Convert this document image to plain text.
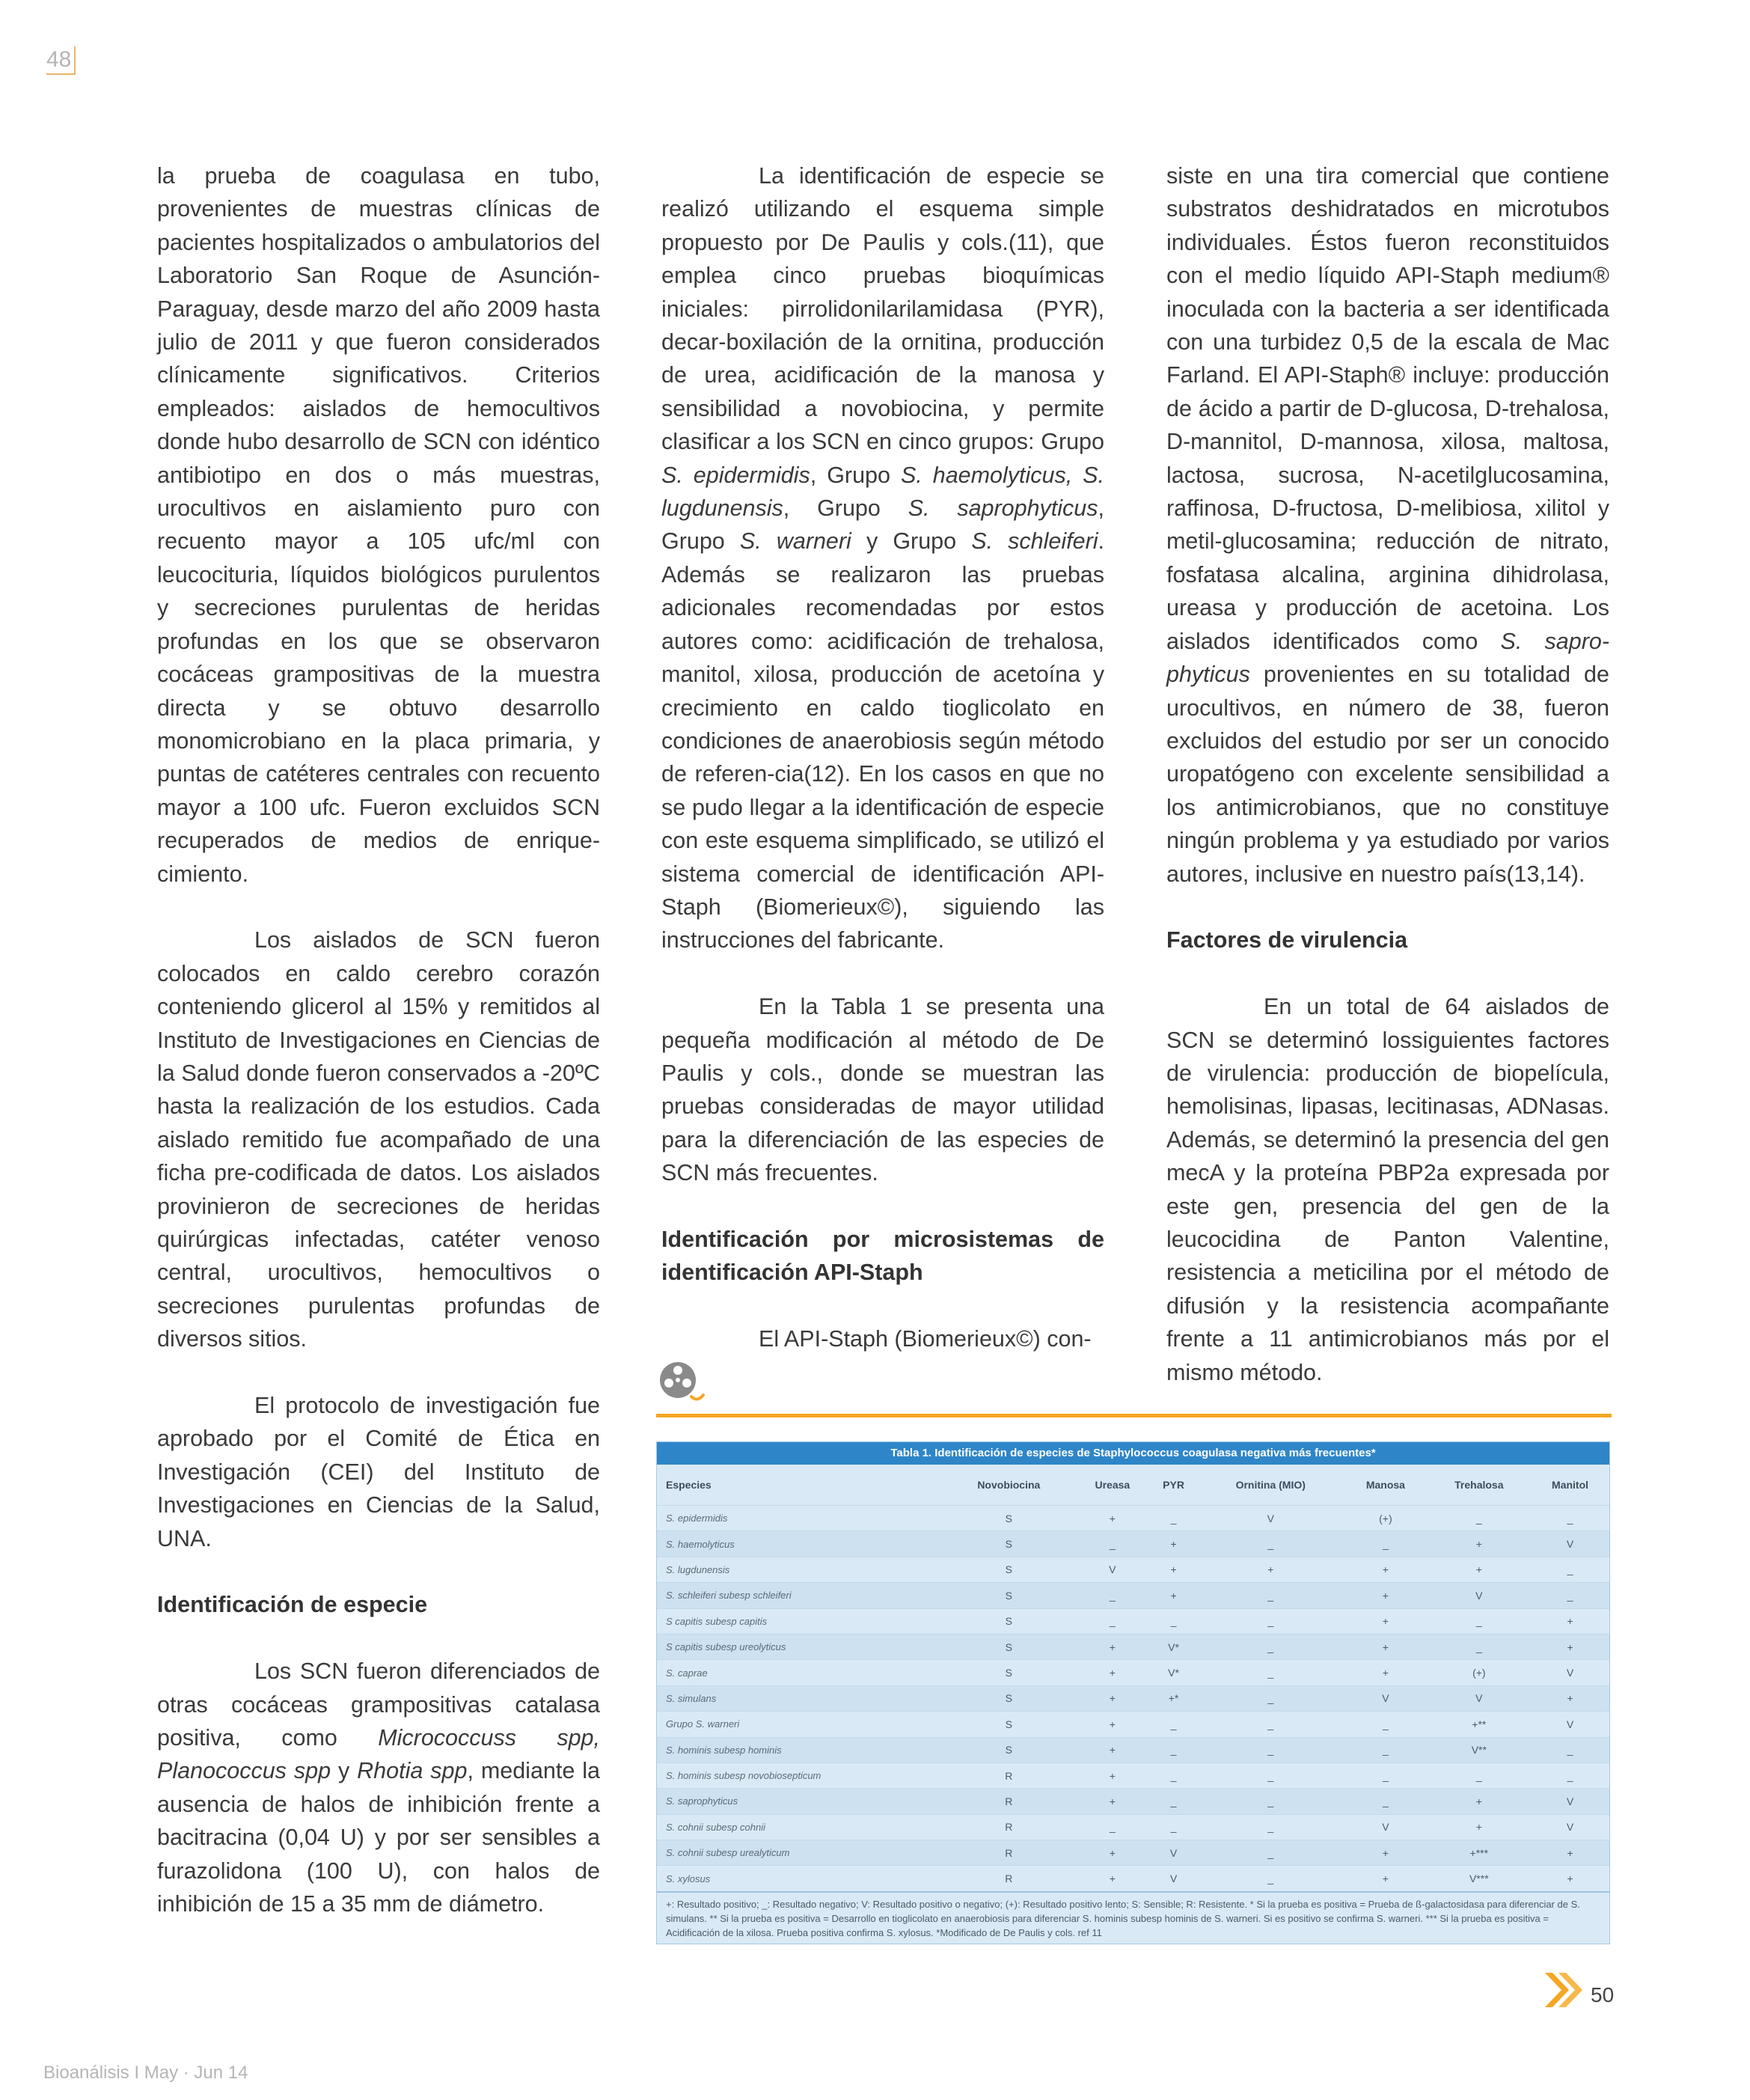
48

la prueba de coagulasa en tubo, provenientes de muestras clínicas de pacientes hospitalizados o ambulatorios del Laboratorio San Roque de Asunción-Paraguay, desde marzo del año 2009 hasta julio de 2011 y que fueron considerados clínicamente significativos. Criterios empleados: aislados de hemocultivos donde hubo desarrollo de SCN con idéntico antibiotipo en dos o más muestras, urocultivos en aislamiento puro con recuento mayor a 105 ufc/ml con leucocituria, líquidos biológicos purulentos y secreciones purulentas de heridas profundas en los que se observaron cocáceas grampositivas de la muestra directa y se obtuvo desarrollo monomicrobiano en la placa primaria, y puntas de catéteres centrales con recuento mayor a 100 ufc. Fueron excluidos SCN recuperados de medios de enrique-cimiento.

Los aislados de SCN fueron colocados en caldo cerebro corazón conteniendo glicerol al 15% y remitidos al Instituto de Investigaciones en Ciencias de la Salud donde fueron conservados a -20ºC hasta la realización de los estudios. Cada aislado remitido fue acompañado de una ficha pre-codificada de datos. Los aislados provinieron de secreciones de heridas quirúrgicas infectadas, catéter venoso central, urocultivos, hemocultivos o secreciones purulentas profundas de diversos sitios.

El protocolo de investigación fue aprobado por el Comité de Ética en Investigación (CEI) del Instituto de Investigaciones en Ciencias de la Salud, UNA.

Identificación de especie

Los SCN fueron diferenciados de otras cocáceas grampositivas catalasa positiva, como Micrococcuss spp, Planococcus spp y Rhotia spp, mediante la ausencia de halos de inhibición frente a bacitracina (0,04 U) y por ser sensibles a furazolidona (100 U), con halos de inhibición de 15 a 35 mm de diámetro.

La identificación de especie se realizó utilizando el esquema simple propuesto por De Paulis y cols.(11), que emplea cinco pruebas bioquímicas iniciales: pirrolidonilarilamidasa (PYR), decar-boxilación de la ornitina, producción de urea, acidificación de la manosa y sensibilidad a novobiocina, y permite clasificar a los SCN en cinco grupos: Grupo S. epidermidis, Grupo S. haemolyticus, S. lugdunensis, Grupo S. saprophyticus, Grupo S. warneri y Grupo S. schleiferi. Además se realizaron las pruebas adicionales recomendadas por estos autores como: acidificación de trehalosa, manitol, xilosa, producción de acetoína y crecimiento en caldo tioglicolato en condiciones de anaerobiosis según método de referen-cia(12). En los casos en que no se pudo llegar a la identificación de especie con este esquema simplificado, se utilizó el sistema comercial de identificación API-Staph (Biomerieux©), siguiendo las instrucciones del fabricante.

En la Tabla 1 se presenta una pequeña modificación al método de De Paulis y cols., donde se muestran las pruebas consideradas de mayor utilidad para la diferenciación de las especies de SCN más frecuentes.

Identificación por microsistemas de identificación API-Staph

El API-Staph (Biomerieux©) con-

siste en una tira comercial que contiene substratos deshidratados en microtubos individuales. Éstos fueron reconstituidos con el medio líquido API-Staph medium® inoculada con la bacteria a ser identificada con una turbidez 0,5 de la escala de Mac Farland. El API-Staph® incluye: producción de ácido a partir de D-glucosa, D-trehalosa, D-mannitol, D-mannosa, xilosa, maltosa, lactosa, sucrosa, N-acetilglucosamina, raffinosa, D-fructosa, D-melibiosa, xilitol y metil-glucosamina; reducción de nitrato, fosfatasa alcalina, arginina dihidrolasa, ureasa y producción de acetoina. Los aislados identificados como S. sapro-phyticus provenientes en su totalidad de urocultivos, en número de 38, fueron excluidos del estudio por ser un conocido uropatógeno con excelente sensibilidad a los antimicrobianos, que no constituye ningún problema y ya estudiado por varios autores, inclusive en nuestro país(13,14).

Factores de virulencia

En un total de 64 aislados de SCN se determinó lossiguientes factores de virulencia: producción de biopelícula, hemolisinas, lipasas, lecitinasas, ADNasas. Además, se determinó la presencia del gen mecA y la proteína PBP2a expresada por este gen, presencia del gen de la leucocidina de Panton Valentine, resistencia a meticilina por el método de difusión y la resistencia acompañante frente a 11 antimicrobianos más por el mismo método.

Tabla 1. Identificación de especies de Staphylococcus coagulasa negativa más frecuentes*
Especies	Novobiocina	Ureasa	PYR	Ornitina (MIO)	Manosa	Trehalosa	Manitol
S. epidermidis	S	+	_	V	(+)	_	_
S. haemolyticus	S	_	+	_	_	+	V
S. lugdunensis	S	V	+	+	+	+	_
S. schleiferi subesp schleiferi	S	_	+	_	+	V	_
S capitis subesp capitis	S	_	_	_	+	_	+
S capitis subesp ureolyticus	S	+	V*	_	+	_	+
S. caprae	S	+	V*	_	+	(+)	V
S. simulans	S	+	+*	_	V	V	+
Grupo S. warneri	S	+	_	_	_	+**	V
S. hominis subesp hominis	S	+	_	_	_	V**	_
S. hominis subesp novobiosepticum	R	+	_	_	_	_	_
S. saprophyticus	R	+	_	_	_	+	V
S. cohnii subesp cohnii	R	_	_	_	V	+	V
S. cohnii subesp urealyticum	R	+	V	_	+	+***	+
S. xylosus	R	+	V	_	+	V***	+
+: Resultado positivo; _: Resultado negativo; V: Resultado positivo o negativo; (+): Resultado positivo lento; S: Sensible; R: Resistente. * Si la prueba es positiva = Prueba de ß-galactosidasa para diferenciar de S. simulans. ** Si la prueba es positiva = Desarrollo en tioglicolato en anaerobiosis para diferenciar S. hominis subesp hominis de S. warneri. Si es positivo se confirma S. warneri. *** Si la prueba es positiva = Acidificación de la xilosa. Prueba positiva confirma S. xylosus. *Modificado de De Paulis y cols. ref 11
50
Bioanálisis I May · Jun 14
